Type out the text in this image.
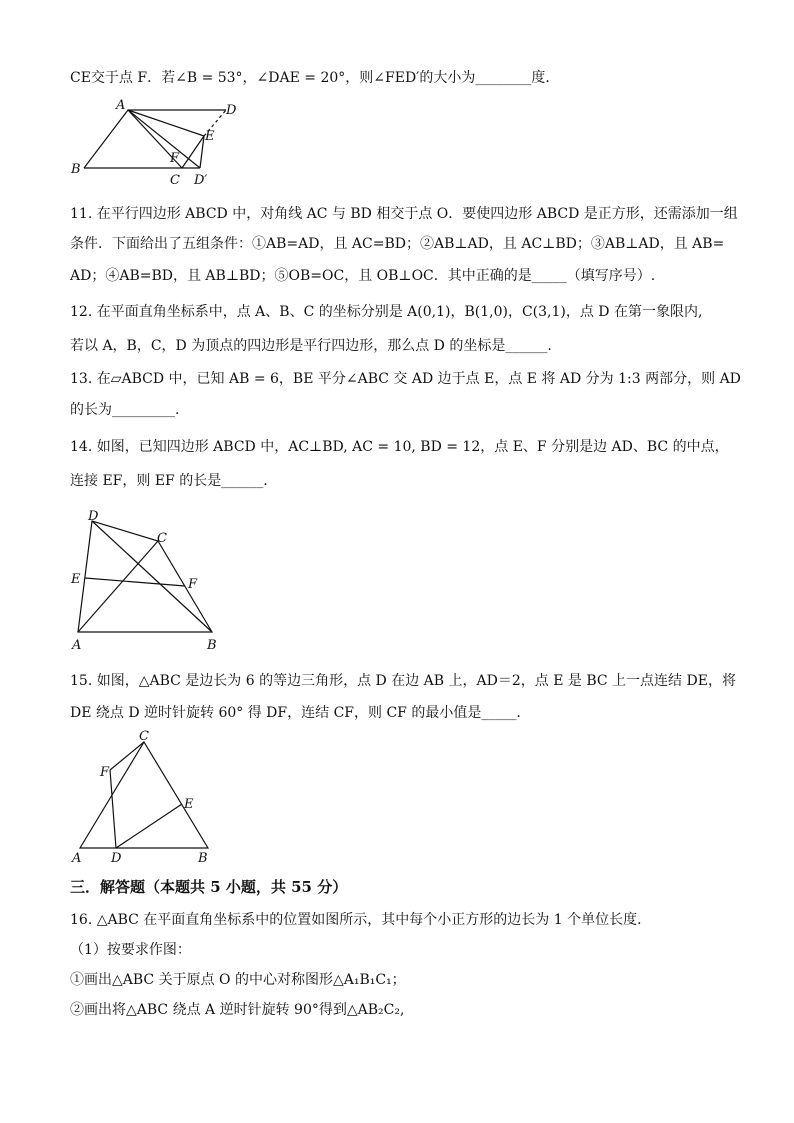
CE交于点 F．若∠B = 53°，∠DAE = 20°，则∠FED′的大小为________度．
A	D
E
F
B
C D′
11. 在平行四边形 ABCD 中，对角线 AC 与 BD 相交于点 O．要使四边形 ABCD 是正方形，还需添加一组
条件．下面给出了五组条件：①AB=AD，且 AC=BD；②AB⊥AD，且 AC⊥BD；③AB⊥AD，且 AB=
AD；④AB=BD，且 AB⊥BD；⑤OB=OC，且 OB⊥OC．其中正确的是_____（填写序号）.
12. 在平面直角坐标系中，点 A、B、C 的坐标分别是 A(0,1)，B(1,0)，C(3,1)，点 D 在第一象限内,
若以 A，B，C，D 为顶点的四边形是平行四边形，那么点 D 的坐标是______.
13. 在▱ABCD 中，已知 AB = 6，BE 平分∠ABC 交 AD 边于点 E，点 E 将 AD 分为 1:3 两部分，则 AD
的长为_________.
14. 如图，已知四边形 ABCD 中，AC⊥BD, AC = 10, BD = 12，点 E、F 分别是边 AD、BC 的中点，
连接 EF，则 EF 的长是______.
D
C
E	F
A	B
15. 如图，△ABC 是边长为 6 的等边三角形，点 D 在边 AB 上，AD＝2，点 E 是 BC 上一点连结 DE，将
DE 绕点 D 逆时针旋转 60° 得 DF，连结 CF，则 CF 的最小值是_____.
C
F
E
A D	B
三．解答题（本题共 5 小题，共 55 分）
16. △ABC 在平面直角坐标系中的位置如图所示，其中每个小正方形的边长为 1 个单位长度．
（1）按要求作图：
①画出△ABC 关于原点 O 的中心对称图形△A₁B₁C₁；
②画出将△ABC 绕点 A 逆时针旋转 90°得到△AB₂C₂,
